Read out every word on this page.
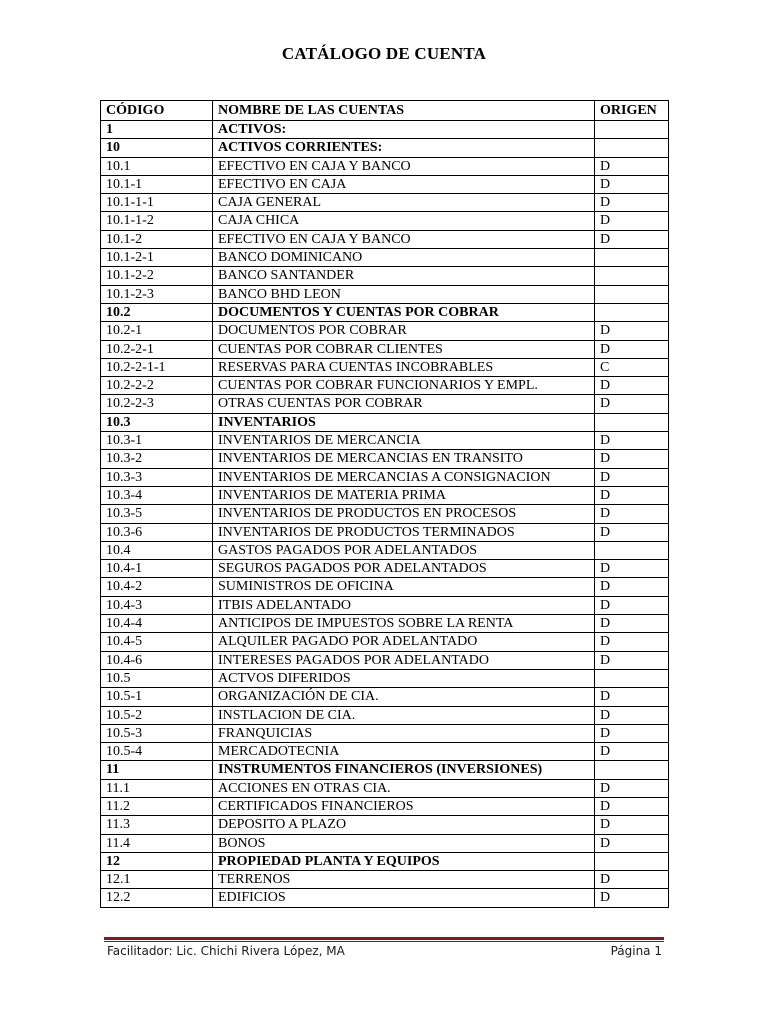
CATÁLOGO DE CUENTA
CÓDIGO	NOMBRE DE LAS CUENTAS	ORIGEN
1	ACTIVOS:	
10	ACTIVOS CORRIENTES:	
10.1	EFECTIVO EN CAJA Y BANCO	D
10.1-1	EFECTIVO EN CAJA	D
10.1-1-1	CAJA GENERAL	D
10.1-1-2	CAJA CHICA	D
10.1-2	EFECTIVO EN CAJA Y BANCO	D
10.1-2-1	BANCO DOMINICANO	
10.1-2-2	BANCO SANTANDER	
10.1-2-3	BANCO BHD LEON	
10.2	DOCUMENTOS Y CUENTAS POR COBRAR	
10.2-1	DOCUMENTOS POR COBRAR	D
10.2-2-1	CUENTAS POR COBRAR CLIENTES	D
10.2-2-1-1	RESERVAS PARA CUENTAS INCOBRABLES	C
10.2-2-2	CUENTAS POR COBRAR FUNCIONARIOS Y EMPL.	D
10.2-2-3	OTRAS CUENTAS POR COBRAR	D
10.3	INVENTARIOS	
10.3-1	INVENTARIOS DE MERCANCIA	D
10.3-2	INVENTARIOS DE MERCANCIAS EN TRANSITO	D
10.3-3	INVENTARIOS DE MERCANCIAS A CONSIGNACION	D
10.3-4	INVENTARIOS DE MATERIA PRIMA	D
10.3-5	INVENTARIOS DE PRODUCTOS EN PROCESOS	D
10.3-6	INVENTARIOS DE PRODUCTOS TERMINADOS	D
10.4	GASTOS PAGADOS POR ADELANTADOS	
10.4-1	SEGUROS PAGADOS POR ADELANTADOS	D
10.4-2	SUMINISTROS DE OFICINA	D
10.4-3	ITBIS ADELANTADO	D
10.4-4	ANTICIPOS DE IMPUESTOS SOBRE LA RENTA	D
10.4-5	ALQUILER PAGADO POR ADELANTADO	D
10.4-6	INTERESES PAGADOS POR ADELANTADO	D
10.5	ACTVOS DIFERIDOS	
10.5-1	ORGANIZACIÓN DE CIA.	D
10.5-2	INSTLACION DE CIA.	D
10.5-3	FRANQUICIAS	D
10.5-4	MERCADOTECNIA	D
11	INSTRUMENTOS FINANCIEROS (INVERSIONES)	
11.1	ACCIONES EN OTRAS CIA.	D
11.2	CERTIFICADOS FINANCIEROS	D
11.3	DEPOSITO A PLAZO	D
11.4	BONOS	D
12	PROPIEDAD PLANTA Y EQUIPOS	
12.1	TERRENOS	D
12.2	EDIFICIOS	D
Facilitador: Lic. Chichi Rivera López, MA	Página 1
